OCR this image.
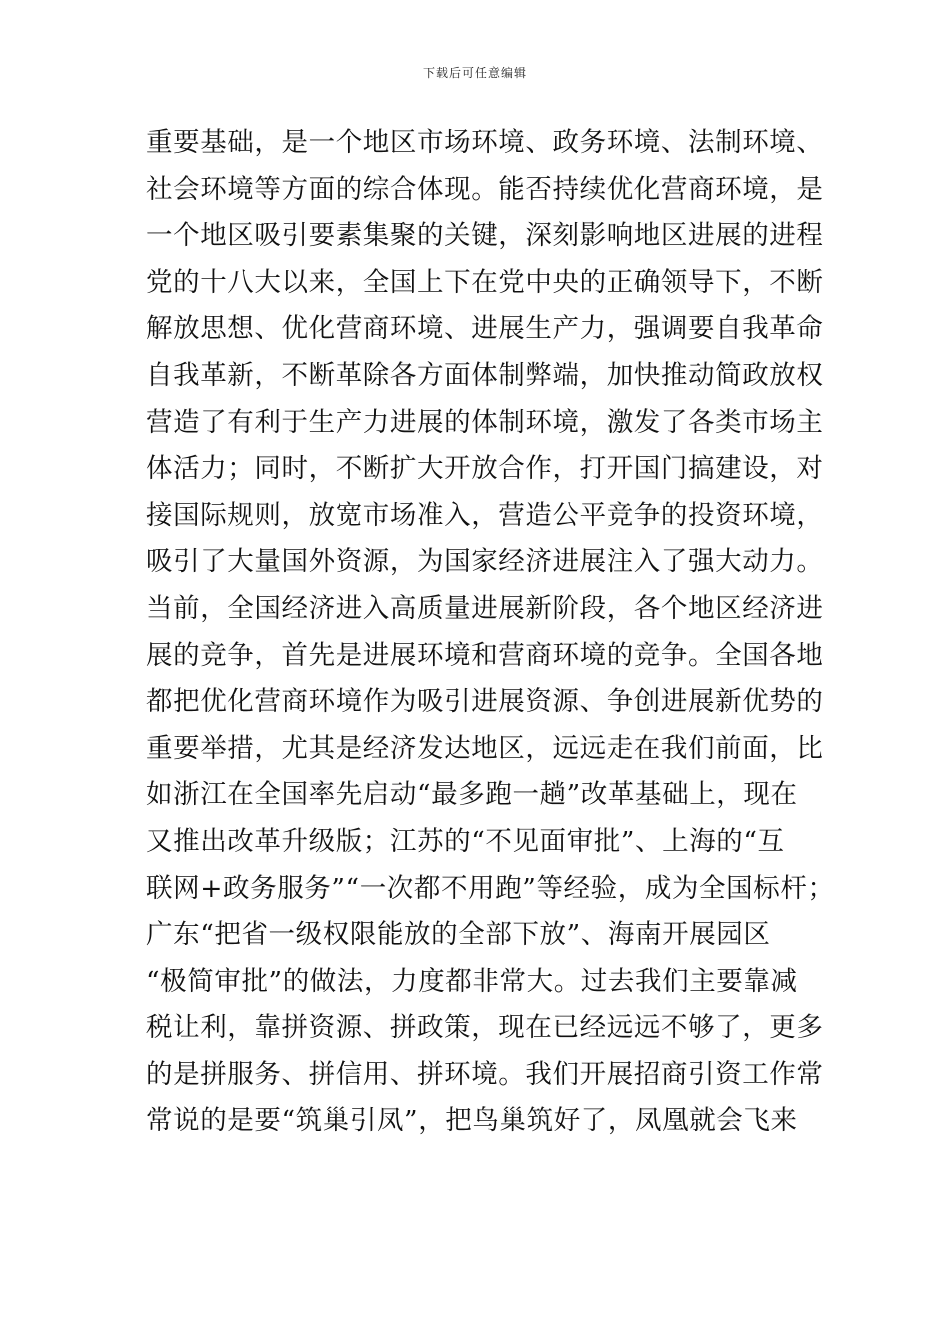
下载后可任意编辑
重要基础，是一个地区市场环境、政务环境、法制环境、
社会环境等方面的综合体现。能否持续优化营商环境，是
一个地区吸引要素集聚的关键，深刻影响地区进展的进程
党的十八大以来，全国上下在党中央的正确领导下，不断
解放思想、优化营商环境、进展生产力，强调要自我革命
自我革新，不断革除各方面体制弊端，加快推动简政放权
营造了有利于生产力进展的体制环境，激发了各类市场主
体活力；同时，不断扩大开放合作，打开国门搞建设，对
接国际规则，放宽市场准入，营造公平竞争的投资环境，
吸引了大量国外资源，为国家经济进展注入了强大动力。
当前，全国经济进入高质量进展新阶段，各个地区经济进
展的竞争，首先是进展环境和营商环境的竞争。全国各地
都把优化营商环境作为吸引进展资源、争创进展新优势的
重要举措，尤其是经济发达地区，远远走在我们前面，比
如浙江在全国率先启动“最多跑一趟”改革基础上，现在
又推出改革升级版；江苏的“不见面审批”、上海的“互
联网+政务服务”“一次都不用跑”等经验，成为全国标杆；
广东“把省一级权限能放的全部下放”、海南开展园区
“极简审批”的做法，力度都非常大。过去我们主要靠减
税让利，靠拼资源、拼政策，现在已经远远不够了，更多
的是拼服务、拼信用、拼环境。我们开展招商引资工作常
常说的是要“筑巢引凤”，把鸟巢筑好了，凤凰就会飞来
